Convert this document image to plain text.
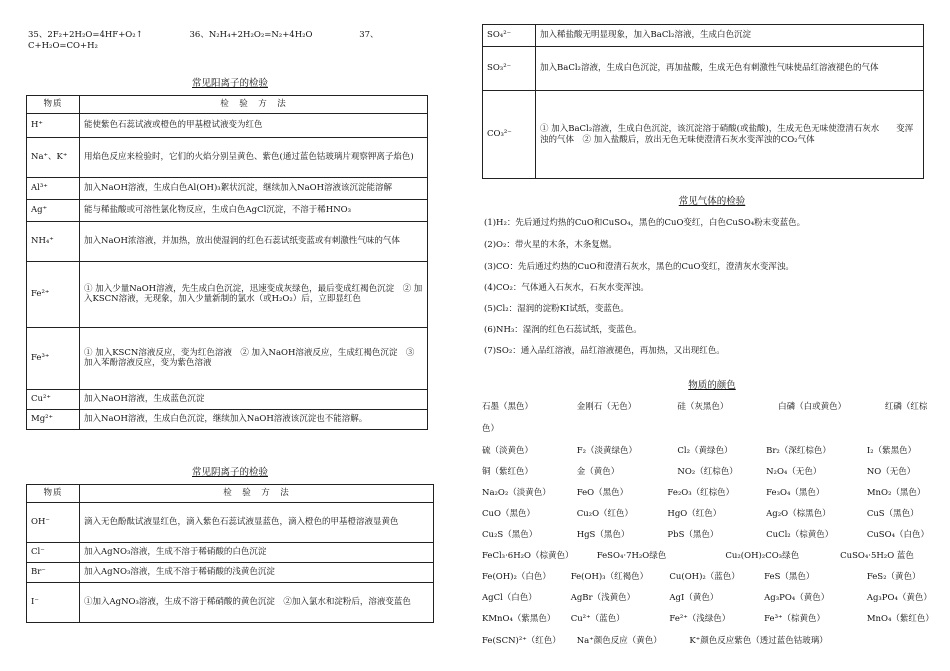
35、2F₂+2H₂O=4HF+O₂↑	36、N₂H₄+2H₂O₂=N₂+4H₂O	37、C+H₂O=CO+H₂
常见阳离子的检验
物质	检　验　方　法
H⁺	能使紫色石蕊试液或橙色的甲基橙试液变为红色
Na⁺、K⁺	用焰色反应来检验时，它们的火焰分别呈黄色、紫色(通过蓝色钴玻璃片观察钾离子焰色)
Al³⁺	加入NaOH溶液，生成白色Al(OH)₃絮状沉淀，继续加入NaOH溶液该沉淀能溶解
Ag⁺	能与稀盐酸或可溶性氯化物反应，生成白色AgCl沉淀，不溶于稀HNO₃
NH₄⁺	加入NaOH浓溶液，并加热，放出使湿润的红色石蕊试纸变蓝或有刺激性气味的气体
Fe²⁺	① 加入少量NaOH溶液，先生成白色沉淀，迅速变成灰绿色，最后变成红褐色沉淀　② 加入KSCN溶液，无现象，加入少量新制的氯水（或H₂O₂）后，立即显红色
Fe³⁺	① 加入KSCN溶液反应，变为红色溶液　② 加入NaOH溶液反应，生成红褐色沉淀　③ 加入苯酚溶液反应，变为紫色溶液
Cu²⁺	加入NaOH溶液，生成蓝色沉淀
Mg²⁺	加入NaOH溶液，生成白色沉淀，继续加入NaOH溶液该沉淀也不能溶解。
常见阴离子的检验
物质	检　验　方　法
OH⁻	滴入无色酚酞试液显红色，滴入紫色石蕊试液显蓝色，滴入橙色的甲基橙溶液显黄色
Cl⁻	加入AgNO₃溶液，生成不溶于稀硝酸的白色沉淀
Br⁻	加入AgNO₃溶液，生成不溶于稀硝酸的浅黄色沉淀
I⁻	①加入AgNO₃溶液，生成不溶于稀硝酸的黄色沉淀　②加入氯水和淀粉后，溶液变蓝色
SO₄²⁻	加入稀盐酸无明显现象，加入BaCl₂溶液，生成白色沉淀
SO₃²⁻	加入BaCl₂溶液，生成白色沉淀，再加盐酸，生成无色有刺激性气味使品红溶液褪色的气体
CO₃²⁻	① 加入BaCl₂溶液，生成白色沉淀，该沉淀溶于硝酸(或盐酸)，生成无色无味使澄清石灰水　　变浑浊的气体　② 加入盐酸后，放出无色无味使澄清石灰水变浑浊的CO₂气体
常见气体的检验
(1)H₂：先后通过灼热的CuO和CuSO₄，黑色的CuO变红，白色CuSO₄粉末变蓝色。
(2)O₂：带火星的木条，木条复燃。
(3)CO：先后通过灼热的CuO和澄清石灰水，黑色的CuO变红，澄清灰水变浑浊。
(4)CO₂：气体通入石灰水，石灰水变浑浊。
(5)Cl₂：湿润的淀粉KI试纸，变蓝色。
(6)NH₃：湿润的红色石蕊试纸，变蓝色。
(7)SO₂：通入品红溶液，品红溶液褪色，再加热，又出现红色。
物质的颜色
石墨（黑色）	金刚石（无色）	硅（灰黑色）	白磷（白或黄色）	红磷（红棕
色）
硫（淡黄色）	F₂（淡黄绿色）	Cl₂（黄绿色）	Br₂（深红棕色）	I₂（紫黑色）
铜（紫红色）	金（黄色）	NO₂（红棕色）	N₂O₄（无色）	NO（无色）
Na₂O₂（淡黄色）	FeO（黑色）	Fe₂O₃（红棕色）	Fe₃O₄（黑色）	MnO₂（黑色）
CuO（黑色）	Cu₂O（红色）	HgO（红色）	Ag₂O（棕黑色）	CuS（黑色）
Cu₂S（黑色）	HgS（黑色）	PbS（黑色）	CuCl₂（棕黄色）	CuSO₄（白色）
FeCl₃·6H₂O（棕黄色）	FeSO₄·7H₂O绿色	Cu₂(OH)₂CO₃绿色	CuSO₄·5H₂O 蓝色
Fe(OH)₂（白色） Fe(OH)₃（红褐色）	Cu(OH)₂（蓝色）	FeS（黑色）	FeS₂（黄色）
AgCl（白色）	AgBr（浅黄色）	AgI（黄色）	Ag₃PO₄（黄色）	Ag₃PO₄（黄色）
KMnO₄（紫黑色） Cu²⁺（蓝色）	Fe²⁺（浅绿色）	Fe³⁺（棕黄色）	MnO₄（紫红色）
Fe(SCN)²⁺（红色） Na⁺颜色反应（黄色）	K⁺颜色反应紫色（透过蓝色钴玻璃）
